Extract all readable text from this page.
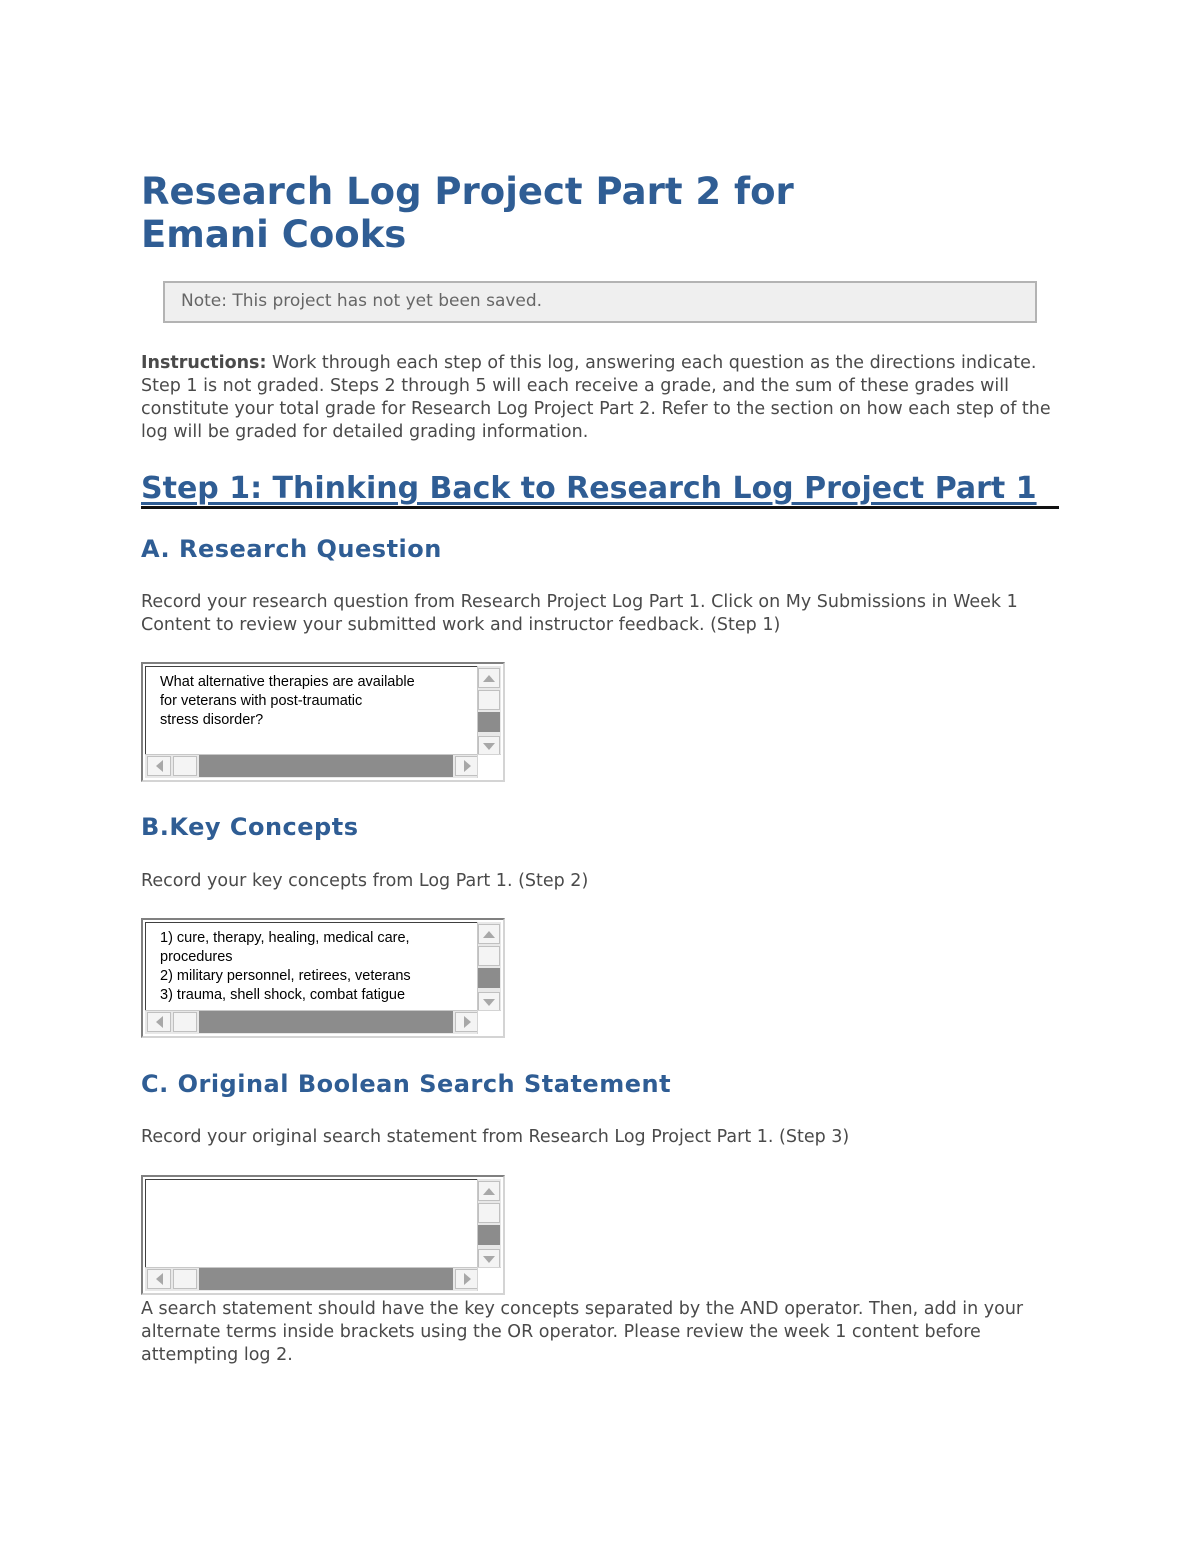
Research Log Project Part 2 for
Emani Cooks
Note: This project has not yet been saved.

Instructions: Work through each step of this log, answering each question as the directions indicate. Step 1 is not graded. Steps 2 through 5 will each receive a grade, and the sum of these grades will constitute your total grade for Research Log Project Part 2. Refer to the section on how each step of the log will be graded for detailed grading information.

Step 1: Thinking Back to Research Log Project Part 1
A. Research Question

Record your research question from Research Project Log Part 1. Click on My Submissions in Week 1 Content to review your submitted work and instructor feedback. (Step 1)

What alternative therapies are available
for veterans with post-traumatic
stress disorder?
B.Key Concepts

Record your key concepts from Log Part 1. (Step 2)

1) cure, therapy, healing, medical care,
procedures
2) military personnel, retirees, veterans
3) trauma, shell shock, combat fatigue
C. Original Boolean Search Statement

Record your original search statement from Research Log Project Part 1. (Step 3)

A search statement should have the key concepts separated by the AND operator. Then, add in your alternate terms inside brackets using the OR operator. Please review the week 1 content before attempting log 2.
